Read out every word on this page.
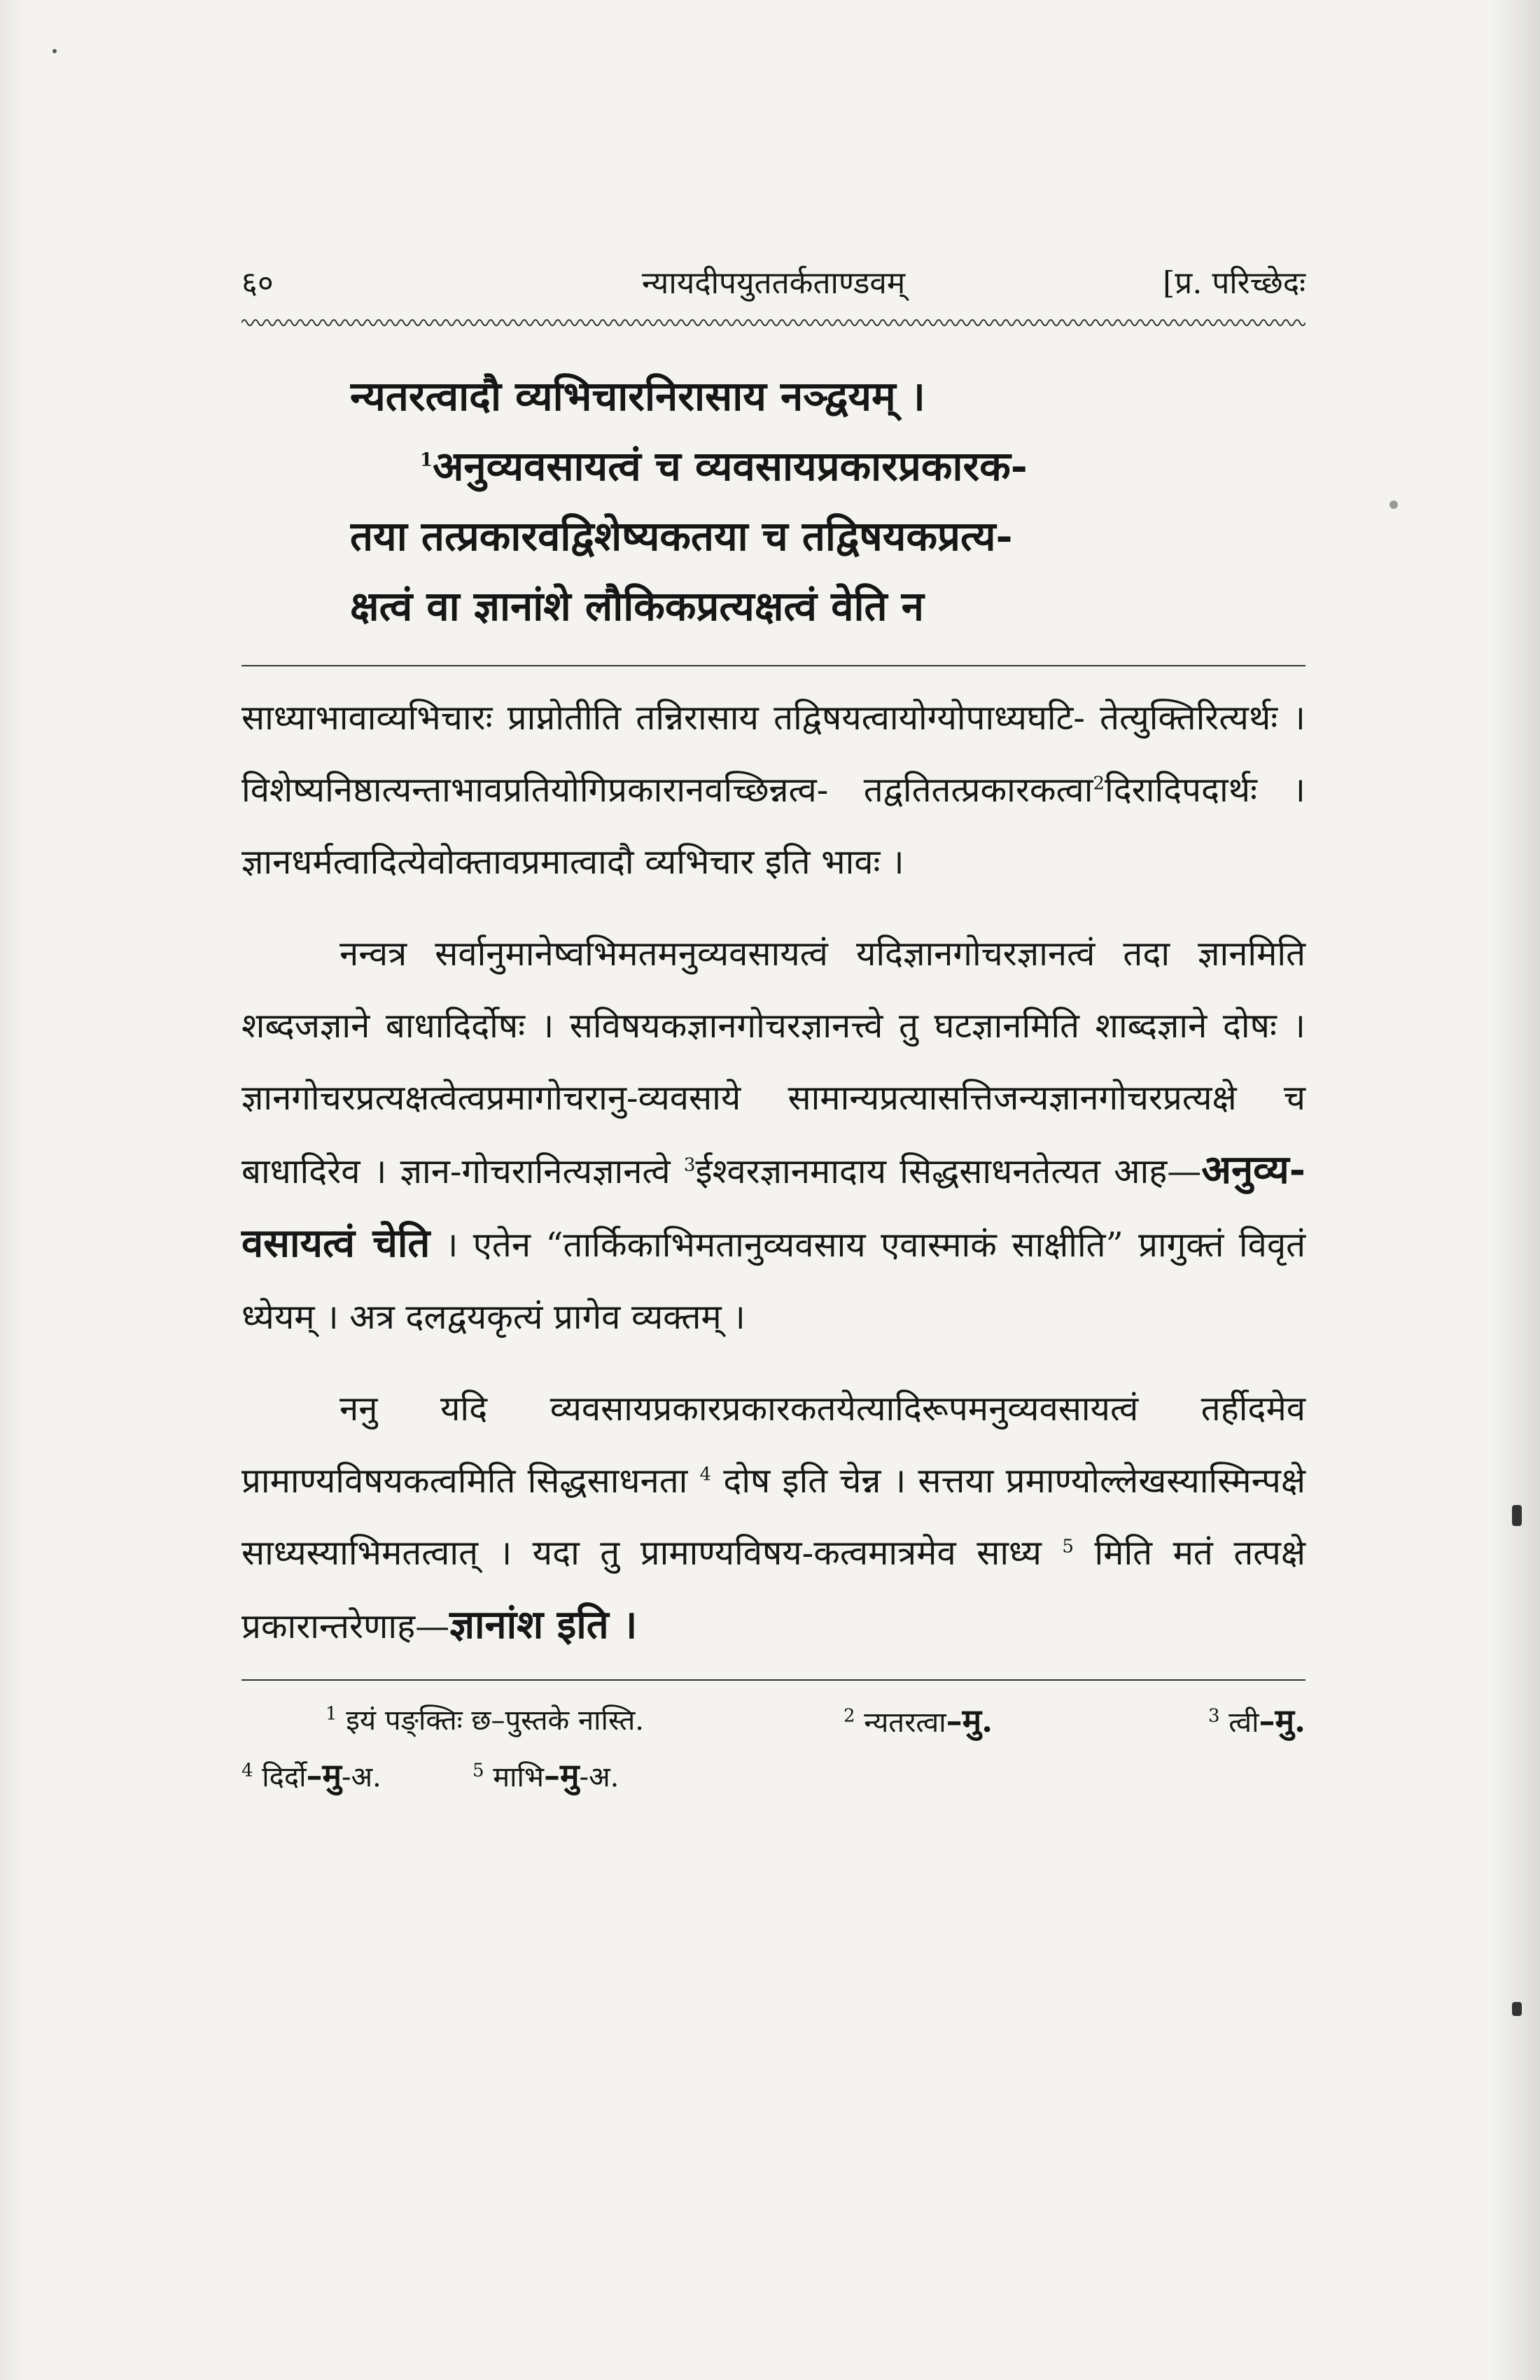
६०	न्यायदीपयुततर्कताण्डवम्	[प्र. परिच्छेदः
न्यतरत्वादौ व्यभिचारनिरासाय नञ्द्वयम् ।
$^1$अनुव्यवसायत्वं च व्यवसायप्रकारप्रकारक-
तया तत्प्रकारवद्विशेष्यकतया च तद्विषयकप्रत्य-
क्षत्वं वा ज्ञानांशे लौकिकप्रत्यक्षत्वं वेति न

साध्याभावाव्यभिचारः प्राप्नोतीति तन्निरासाय तद्विषयत्वायोग्योपाध्यघटि- तेत्युक्तिरित्यर्थः । विशेष्यनिष्ठात्यन्ताभावप्रतियोगिप्रकारानवच्छिन्नत्व- तद्वतितत्प्रकारकत्वा$^2$दिरादिपदार्थः । ज्ञानधर्मत्वादित्येवोक्तावप्रमात्वादौ व्यभिचार इति भावः ।

नन्वत्र सर्वानुमानेष्वभिमतमनुव्यवसायत्वं यदिज्ञानगोचरज्ञानत्वं तदा ज्ञानमिति शब्दजज्ञाने बाधादिर्दोषः । सविषयकज्ञानगोचरज्ञानत्त्वे तु घटज्ञानमिति शाब्दज्ञाने दोषः । ज्ञानगोचरप्रत्यक्षत्वेत्वप्रमागोचरानु-व्यवसाये सामान्यप्रत्यासत्तिजन्यज्ञानगोचरप्रत्यक्षे च बाधादिरेव । ज्ञान-गोचरानित्यज्ञानत्वे $^3$ईश्वरज्ञानमादाय सिद्धसाधनतेत्यत आह—अनुव्य-वसायत्वं चेति । एतेन “तार्किकाभिमतानुव्यवसाय एवास्माकं साक्षीति” प्रागुक्तं विवृतं ध्येयम् । अत्र दलद्वयकृत्यं प्रागेव व्यक्तम् ।

ननु यदि व्यवसायप्रकारप्रकारकतयेत्यादिरूपमनुव्यवसायत्वं तर्हीदमेव प्रामाण्यविषयकत्वमिति सिद्धसाधनता $^4$ दोष इति चेन्न । सत्तया प्रमाण्योल्लेखस्यास्मिन्पक्षे साध्यस्याभिमतत्वात् । यदा तु प्रामाण्यविषय-कत्वमात्रमेव साध्य $^5$ मिति मतं तत्पक्षे प्रकारान्तरेणाह—ज्ञानांश इति ।

$^1$ इयं पङ्क्तिः छ–पुस्तके नास्ति.	$^2$ न्यतरत्वा–मु.	$^3$ त्वी–मु.
$^4$ दिर्दो–मु-अ.	$^5$ माभि–मु-अ.
